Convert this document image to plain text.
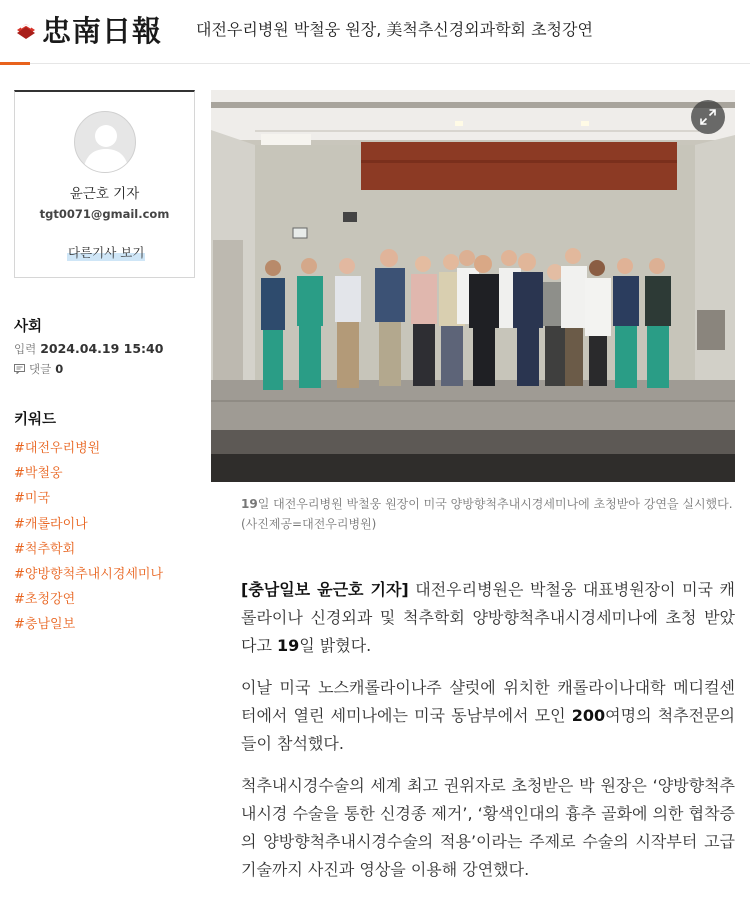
忠南日報 대전우리병원 박철웅 원장, 美척추신경외과학회 초청강연
윤근호 기자
tgt0071@gmail.com
다른기사 보기
사회
입력 2024.04.19 15:40
댓글 0
키워드
#대전우리병원
#박철웅
#미국
#캐롤라이나
#척추학회
#양방향척추내시경세미나
#초청강연
#충남일보
19일 대전우리병원 박철웅 원장이 미국 양방향척추내시경세미나에 초청받아 강연을 실시했다. (사진제공=대전우리병원)

[충남일보 윤근호 기자] 대전우리병원은 박철웅 대표병원장이 미국 캐롤라이나 신경외과 및 척추학회 양방향척추내시경세미나에 초청 받았다고 19일 밝혔다.

이날 미국 노스캐롤라이나주 샬럿에 위치한 캐롤라이나대학 메디컬센터에서 열린 세미나에는 미국 동남부에서 모인 200여명의 척추전문의들이 참석했다.

척추내시경수술의 세계 최고 권위자로 초청받은 박 원장은 ‘양방향척추내시경 수술을 통한 신경종 제거’, ‘황색인대의 흉추 골화에 의한 협착증의 양방향척추내시경수술의 적용’이라는 주제로 수술의 시작부터 고급기술까지 사진과 영상을 이용해 강연했다.
